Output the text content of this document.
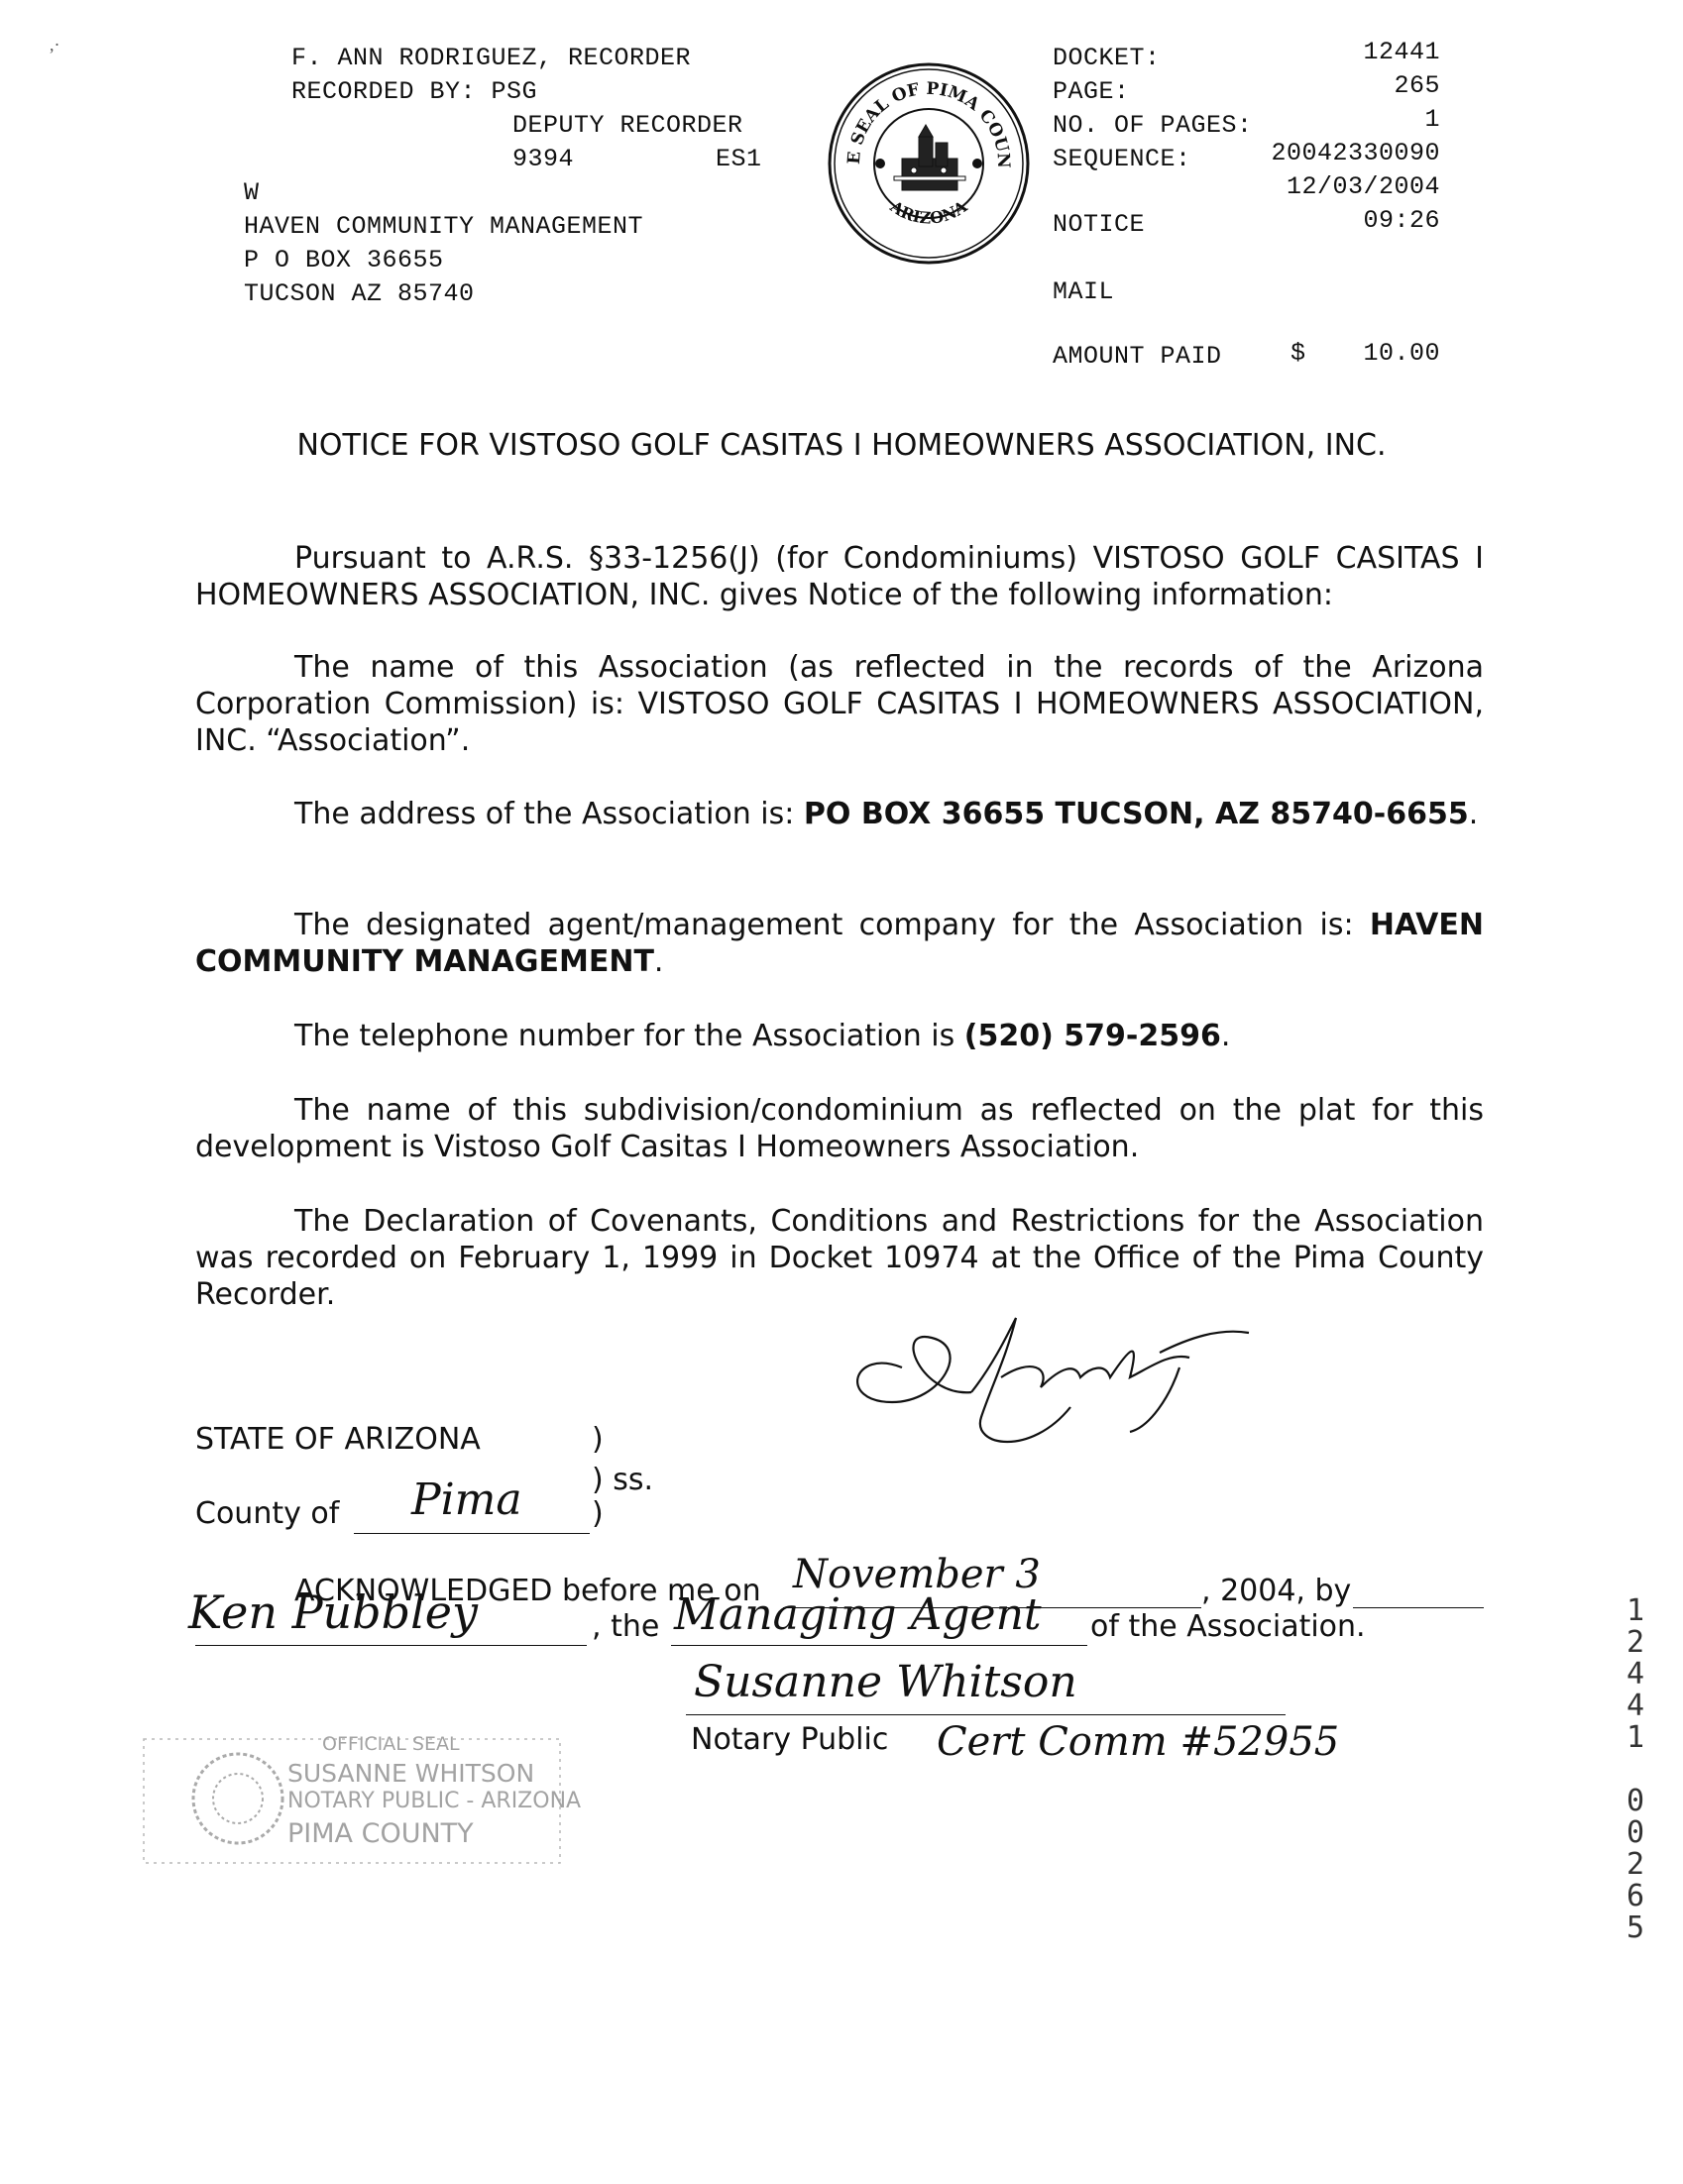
,·	F. ANN RODRIGUEZ, RECORDER
RECORDED BY: PSG
DEPUTY RECORDER
9394	ES1
W
HAVEN COMMUNITY MANAGEMENT
P O BOX 36655
TUCSON AZ 85740
E SEAL OF PIMA COUN
ARIZONA
DOCKET:	12441
PAGE:	265
NO. OF PAGES:	1
SEQUENCE:	20042330090
12/03/2004
NOTICE	09:26
MAIL
AMOUNT PAID	$ 10.00
NOTICE FOR VISTOSO GOLF CASITAS I HOMEOWNERS ASSOCIATION, INC.
Pursuant to A.R.S. §33-1256(J) (for Condominiums) VISTOSO GOLF CASITAS I HOMEOWNERS ASSOCIATION, INC. gives Notice of the following information:
The name of this Association (as reflected in the records of the Arizona Corporation Commission) is: VISTOSO GOLF CASITAS I HOMEOWNERS ASSOCIATION, INC. “Association”.
The address of the Association is: PO BOX 36655 TUCSON, AZ 85740-6655.
The designated agent/management company for the Association is: HAVEN COMMUNITY MANAGEMENT.
The telephone number for the Association is (520) 579-2596.
The name of this subdivision/condominium as reflected on the plat for this development is Vistoso Golf Casitas I Homeowners Association.
The Declaration of Covenants, Conditions and Restrictions for the Association was recorded on February 1, 1999 in Docket 10974 at the Office of the Pima County Recorder.
STATE OF ARIZONA	)
) ss.
County of Pima )
ACKNOWLEDGED before me on November 3	, 2004, by
Ken Pubbley	, the Managing Agent of the Association.
Susanne Whitson
Notary Public Cert Comm #52955
OFFICIAL SEAL
SUSANNE WHITSON
NOTARY PUBLIC - ARIZONA
PIMA COUNTY
1
2
4
4
1

0
0
2
6
5
